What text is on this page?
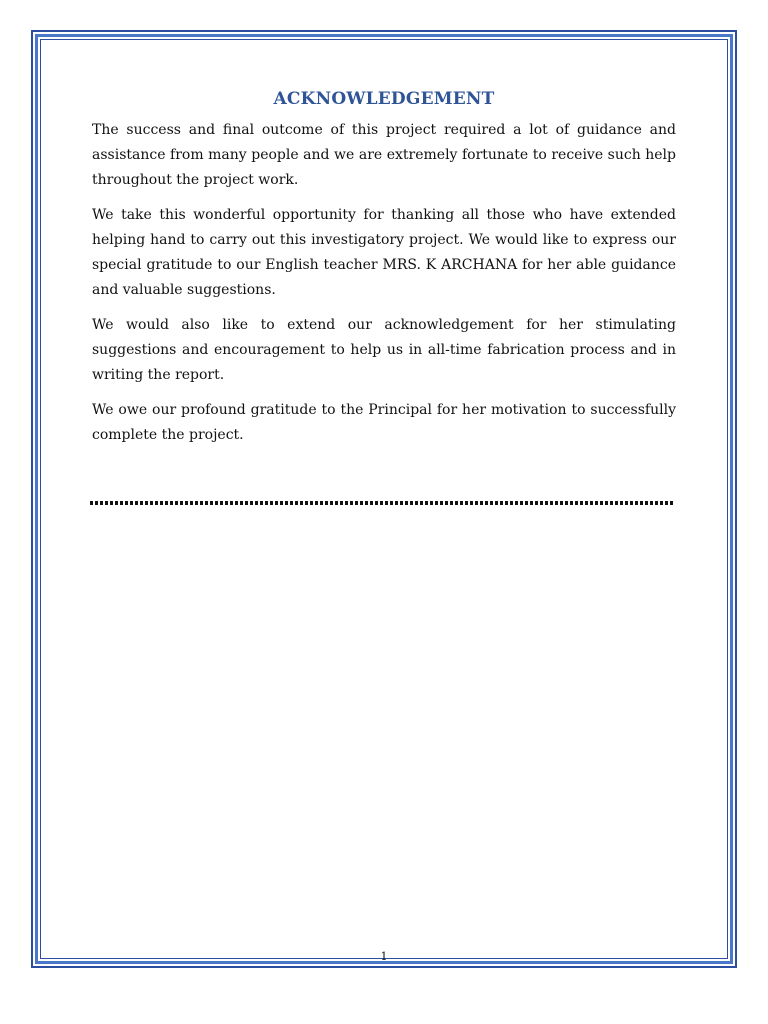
ACKNOWLEDGEMENT

The success and final outcome of this project required a lot of guidance and assistance from many people and we are extremely fortunate to receive such help throughout the project work.

We take this wonderful opportunity for thanking all those who have extended helping hand to carry out this investigatory project. We would like to express our special gratitude to our English teacher MRS. K ARCHANA for her able guidance and valuable suggestions.

We would also like to extend our acknowledgement for her stimulating suggestions and encouragement to help us in all-time fabrication process and in writing the report.

We owe our profound gratitude to the Principal for her motivation to successfully complete the project.

1
